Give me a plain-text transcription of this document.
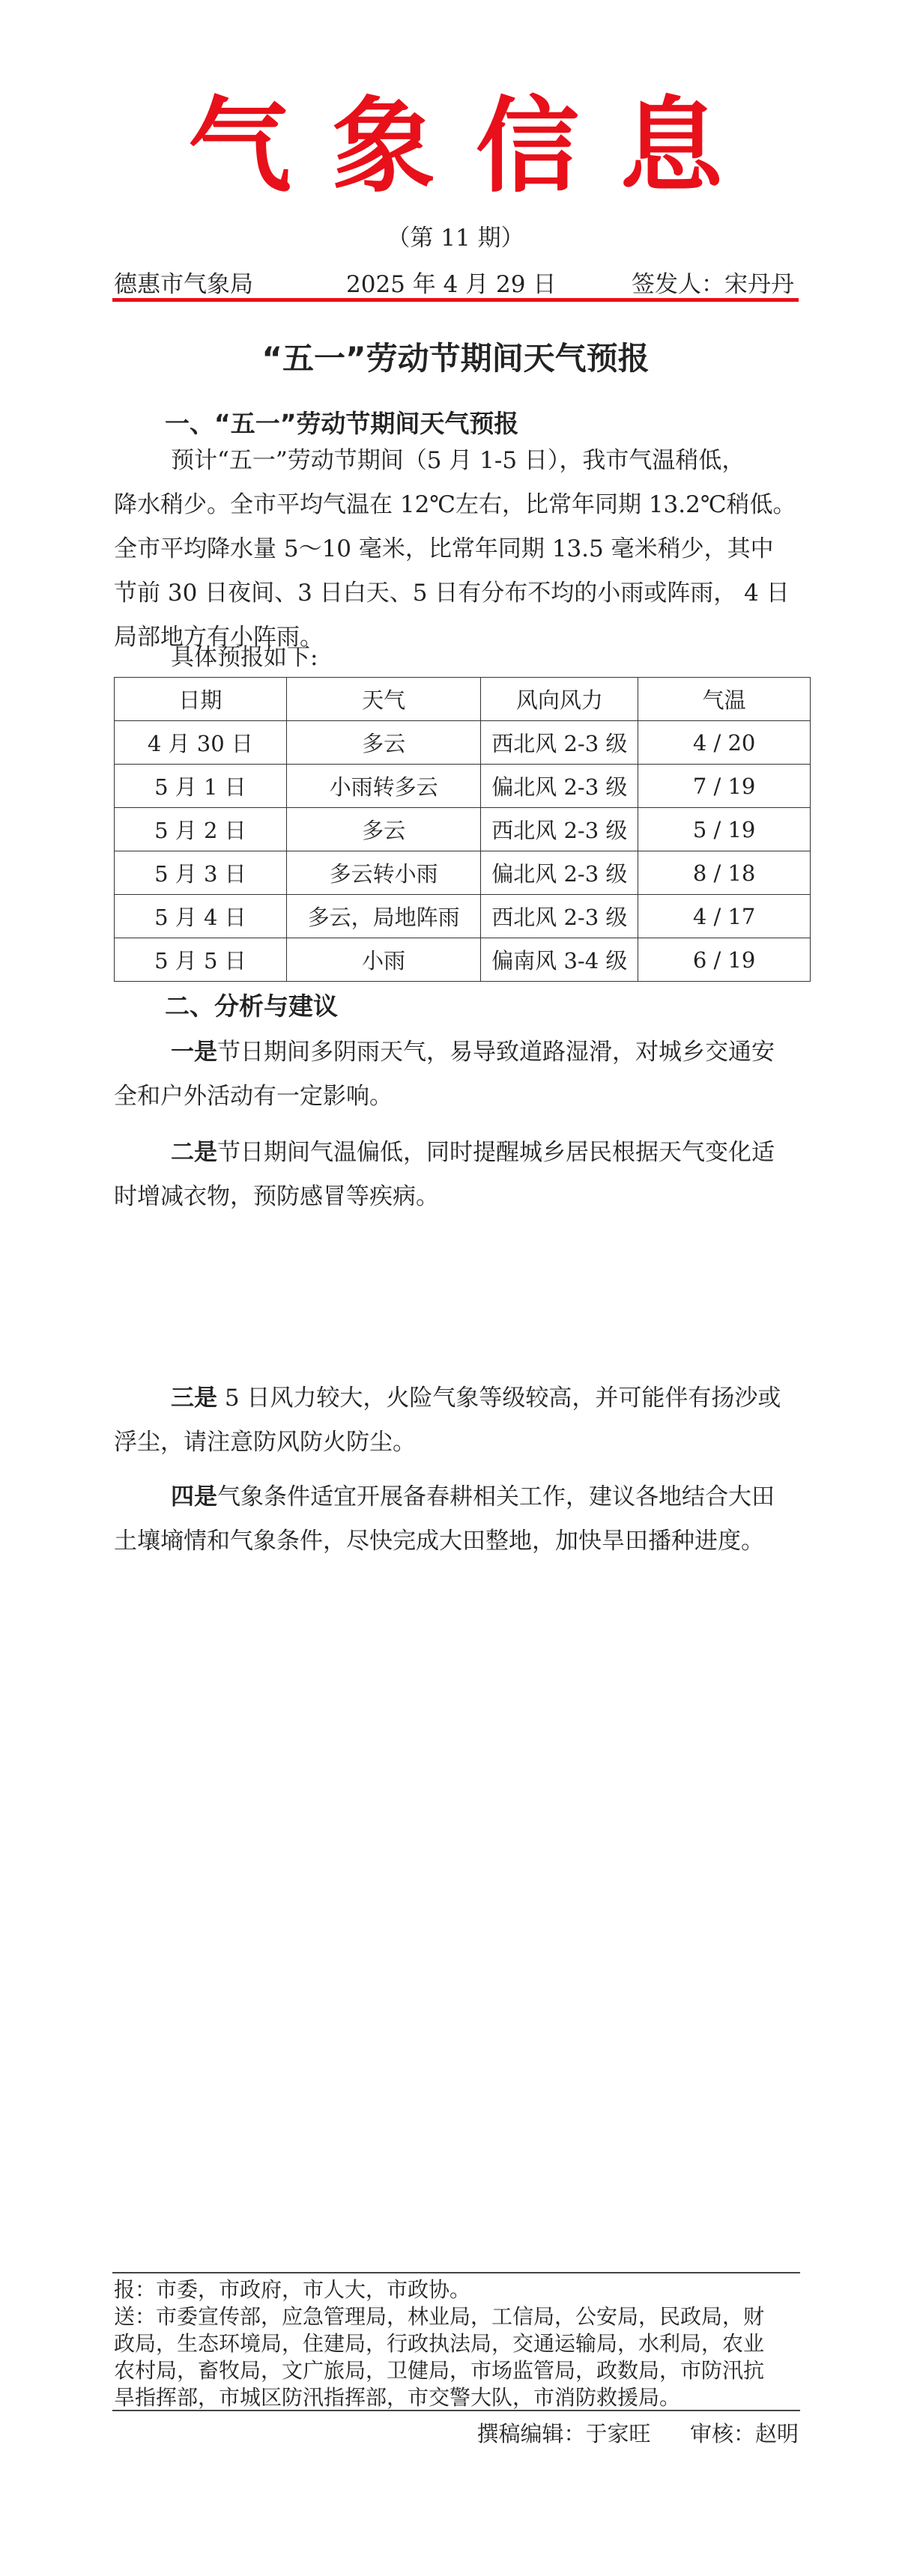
气象信息
（第 11 期）
德惠市气象局	2025 年 4 月 29 日	签发人：宋丹丹
“五一”劳动节期间天气预报
一、“五一”劳动节期间天气预报
预计“五一”劳动节期间（5 月 1-5 日），我市气温稍低，
降水稍少。全市平均气温在 12℃左右，比常年同期 13.2℃稍低。
全市平均降水量 5～10 毫米，比常年同期 13.5 毫米稍少，其中
节前 30 日夜间、3 日白天、5 日有分布不均的小雨或阵雨， 4 日
局部地方有小阵雨。
具体预报如下:
日期	天气	风向风力	气温
4 月 30 日	多云	西北风 2-3 级	4 / 20
5 月 1 日	小雨转多云	偏北风 2-3 级	7 / 19
5 月 2 日	多云	西北风 2-3 级	5 / 19
5 月 3 日	多云转小雨	偏北风 2-3 级	8 / 18
5 月 4 日	多云，局地阵雨	西北风 2-3 级	4 / 17
5 月 5 日	小雨	偏南风 3-4 级	6 / 19
二、分析与建议
一是节日期间多阴雨天气，易导致道路湿滑，对城乡交通安
全和户外活动有一定影响。
二是节日期间气温偏低，同时提醒城乡居民根据天气变化适
时增减衣物，预防感冒等疾病。
三是 5 日风力较大，火险气象等级较高，并可能伴有扬沙或
浮尘，请注意防风防火防尘。
四是气象条件适宜开展备春耕相关工作，建议各地结合大田
土壤墒情和气象条件，尽快完成大田整地，加快旱田播种进度。
报：市委，市政府，市人大，市政协。
送：市委宣传部，应急管理局，林业局，工信局，公安局，民政局，财
政局，生态环境局，住建局，行政执法局，交通运输局，水利局，农业
农村局，畜牧局，文广旅局，卫健局，市场监管局，政数局，市防汛抗
旱指挥部，市城区防汛指挥部，市交警大队，市消防救援局。
撰稿编辑：于家旺 审核：赵明
